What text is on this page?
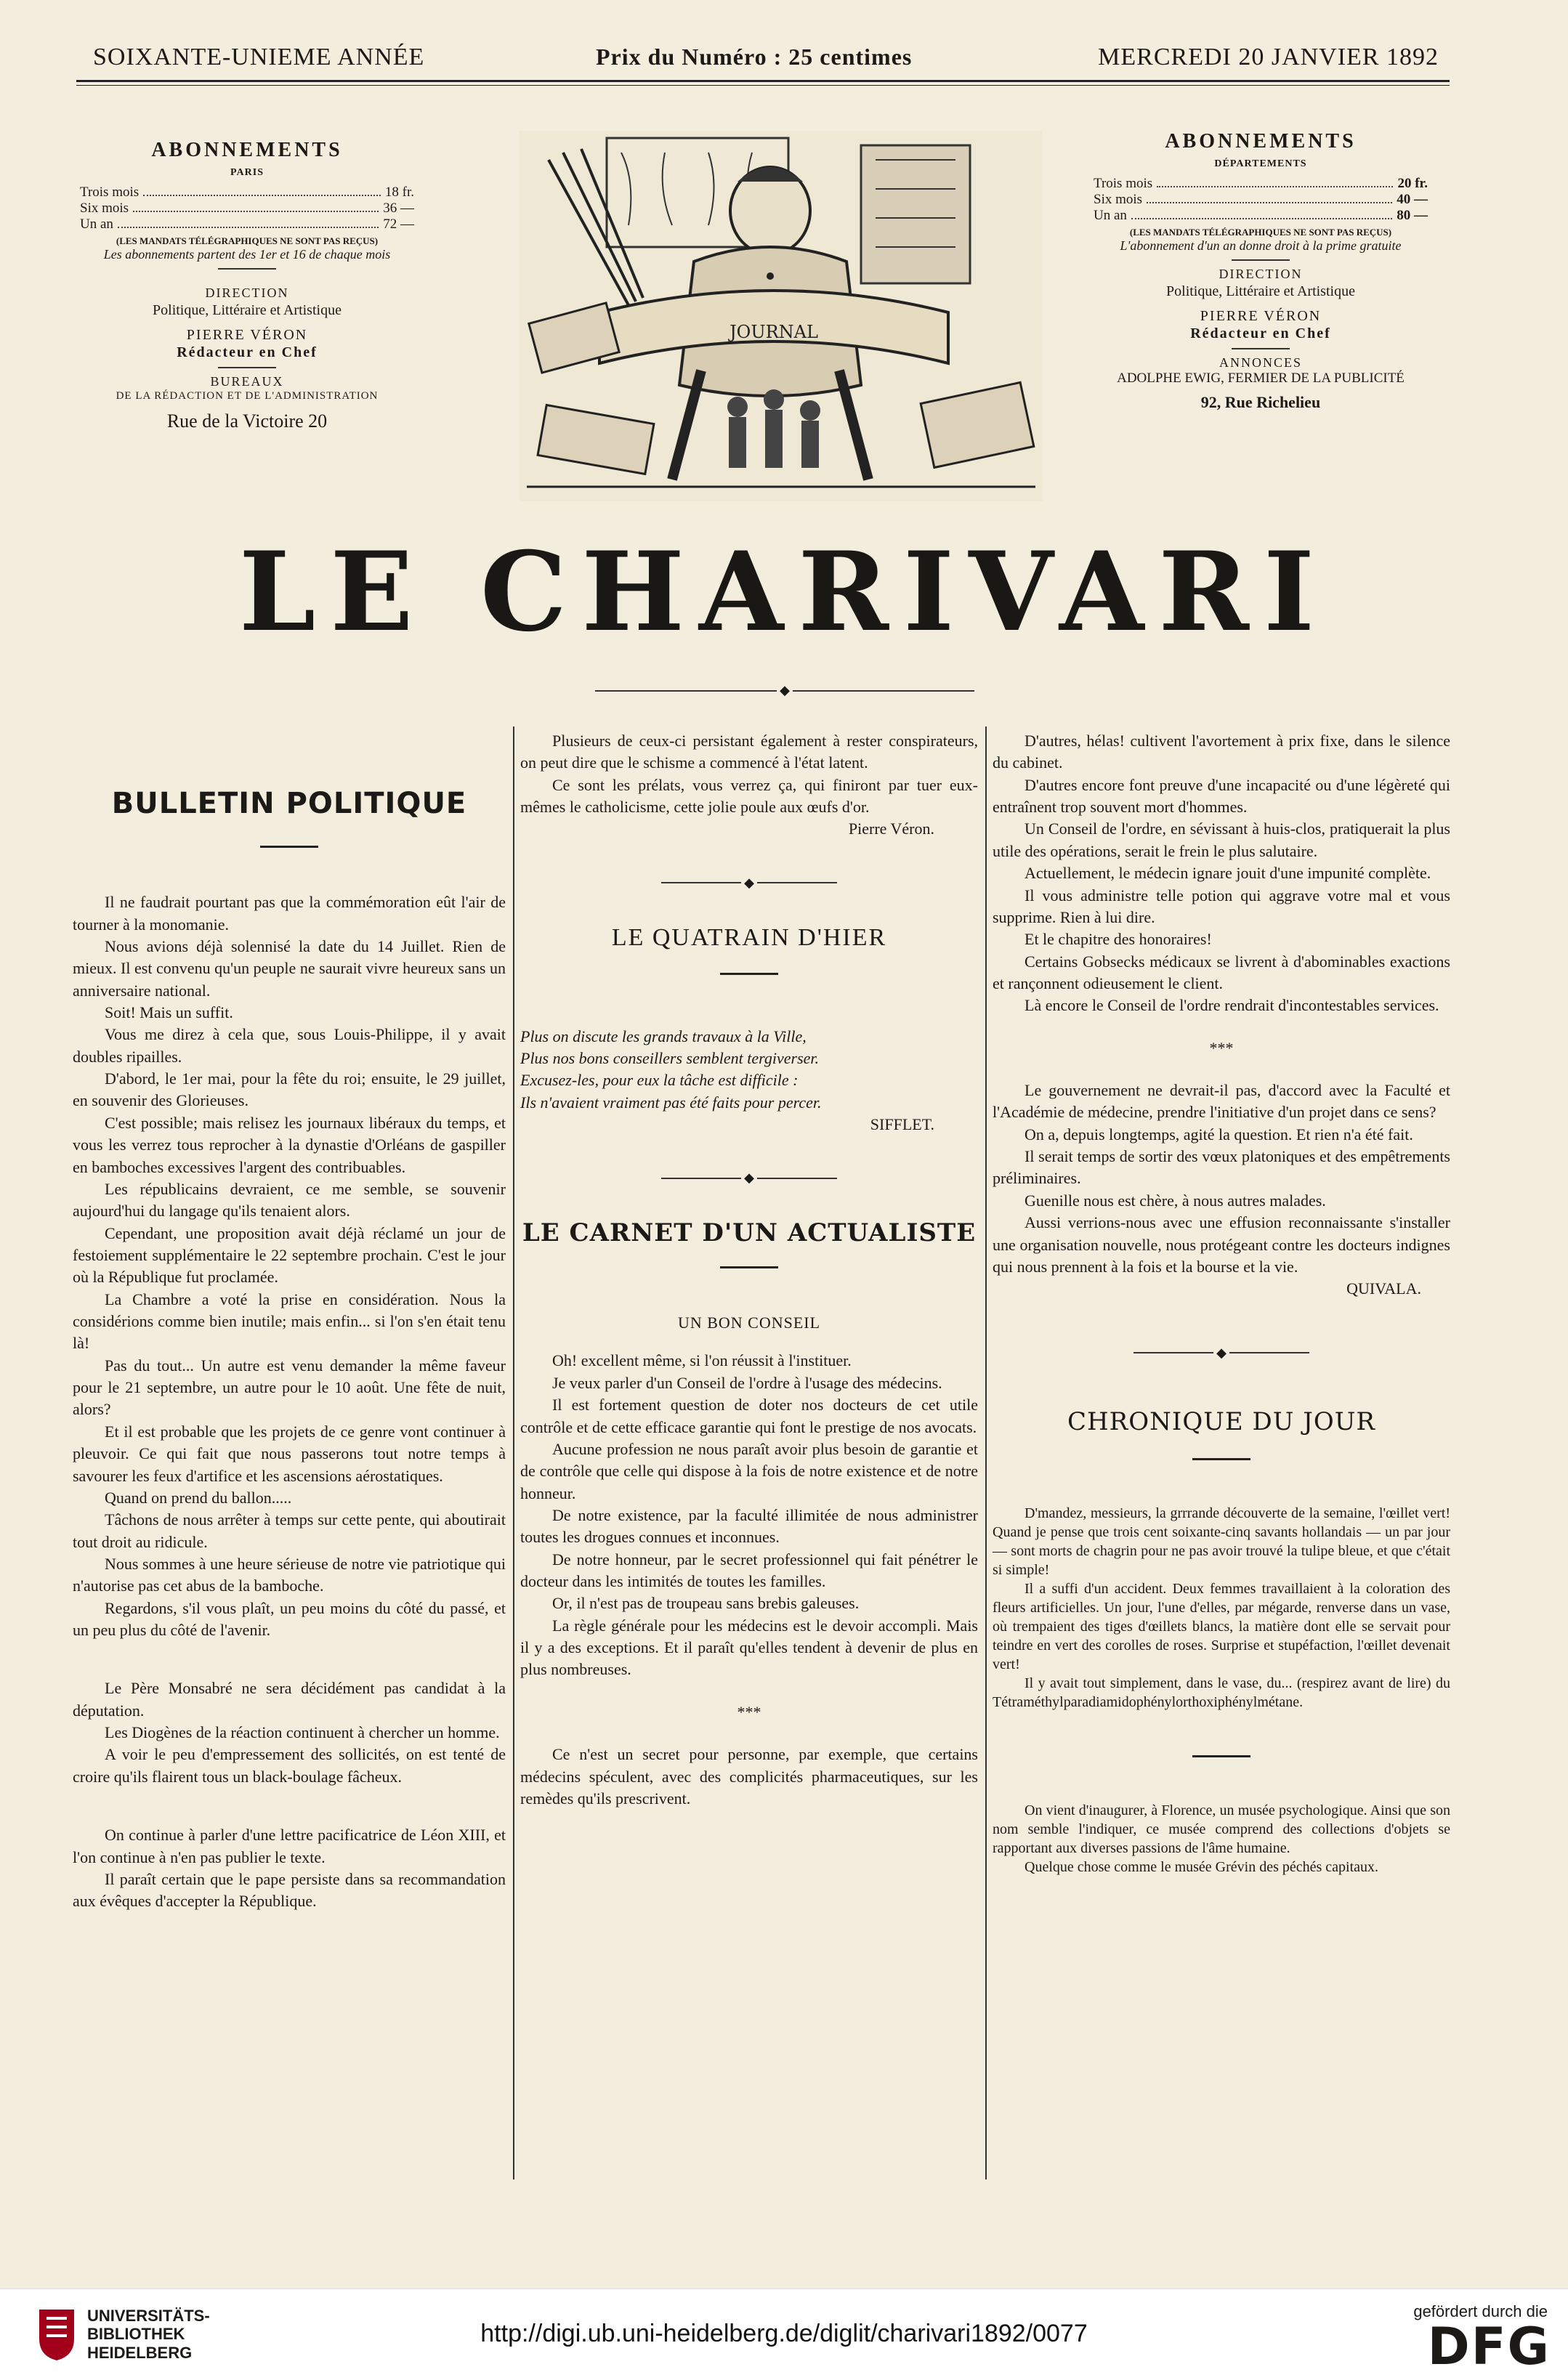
SOIXANTE-UNIEME ANNÉE	Prix du Numéro : 25 centimes	MERCREDI 20 JANVIER 1892
ABONNEMENTS
PARIS
Trois mois	18 fr.
Six mois	36 —
Un an	72 —
(LES MANDATS TÉLÉGRAPHIQUES NE SONT PAS REÇUS)
Les abonnements partent des 1er et 16 de chaque mois
DIRECTION
Politique, Littéraire et Artistique
PIERRE VÉRON
Rédacteur en Chef
BUREAUX
DE LA RÉDACTION ET DE L'ADMINISTRATION
Rue de la Victoire 20
JOURNAL
ABONNEMENTS
DÉPARTEMENTS
Trois mois	20 fr.
Six mois	40 —
Un an	80 —
(LES MANDATS TÉLÉGRAPHIQUES NE SONT PAS REÇUS)
L'abonnement d'un an donne droit à la prime gratuite
DIRECTION
Politique, Littéraire et Artistique
PIERRE VÉRON
Rédacteur en Chef
ANNONCES
ADOLPHE EWIG, FERMIER DE LA PUBLICITÉ
92, Rue Richelieu
LE CHARIVARI
◆
BULLETIN POLITIQUE

Il ne faudrait pourtant pas que la commémoration eût l'air de tourner à la monomanie.

Nous avions déjà solennisé la date du 14 Juillet. Rien de mieux. Il est convenu qu'un peuple ne saurait vivre heureux sans un anniversaire national.

Soit! Mais un suffit.

Vous me direz à cela que, sous Louis-Philippe, il y avait doubles ripailles.

D'abord, le 1er mai, pour la fête du roi; ensuite, le 29 juillet, en souvenir des Glorieuses.

C'est possible; mais relisez les journaux libéraux du temps, et vous les verrez tous reprocher à la dynastie d'Orléans de gaspiller en bamboches excessives l'argent des contribuables.

Les républicains devraient, ce me semble, se souvenir aujourd'hui du langage qu'ils tenaient alors.

Cependant, une proposition avait déjà réclamé un jour de festoiement supplémentaire le 22 septembre prochain. C'est le jour où la République fut proclamée.

La Chambre a voté la prise en considération. Nous la considérions comme bien inutile; mais enfin... si l'on s'en était tenu là!

Pas du tout... Un autre est venu demander la même faveur pour le 21 septembre, un autre pour le 10 août. Une fête de nuit, alors?

Et il est probable que les projets de ce genre vont continuer à pleuvoir. Ce qui fait que nous passerons tout notre temps à savourer les feux d'artifice et les ascensions aérostatiques.

Quand on prend du ballon.....

Tâchons de nous arrêter à temps sur cette pente, qui aboutirait tout droit au ridicule.

Nous sommes à une heure sérieuse de notre vie patriotique qui n'autorise pas cet abus de la bamboche.

Regardons, s'il vous plaît, un peu moins du côté du passé, et un peu plus du côté de l'avenir.

Le Père Monsabré ne sera décidément pas candidat à la députation.

Les Diogènes de la réaction continuent à chercher un homme.

A voir le peu d'empressement des sollicités, on est tenté de croire qu'ils flairent tous un black-boulage fâcheux.

On continue à parler d'une lettre pacificatrice de Léon XIII, et l'on continue à n'en pas publier le texte.

Il paraît certain que le pape persiste dans sa recommandation aux évêques d'accepter la République.

Plusieurs de ceux-ci persistant également à rester conspirateurs, on peut dire que le schisme a commencé à l'état latent.

Ce sont les prélats, vous verrez ça, qui finiront par tuer eux-mêmes le catholicisme, cette jolie poule aux œufs d'or.

Pierre Véron.

◆
LE QUATRAIN D'HIER

Plus on discute les grands travaux à la Ville,

Plus nos bons conseillers semblent tergiverser.

Excusez-les, pour eux la tâche est difficile :

Ils n'avaient vraiment pas été faits pour percer.

SIFFLET.

◆
LE CARNET D'UN ACTUALISTE

UN BON CONSEIL

Oh! excellent même, si l'on réussit à l'instituer.

Je veux parler d'un Conseil de l'ordre à l'usage des médecins.

Il est fortement question de doter nos docteurs de cet utile contrôle et de cette efficace garantie qui font le prestige de nos avocats.

Aucune profession ne nous paraît avoir plus besoin de garantie et de contrôle que celle qui dispose à la fois de notre existence et de notre honneur.

De notre existence, par la faculté illimitée de nous administrer toutes les drogues connues et inconnues.

De notre honneur, par le secret professionnel qui fait pénétrer le docteur dans les intimités de toutes les familles.

Or, il n'est pas de troupeau sans brebis galeuses.

La règle générale pour les médecins est le devoir accompli. Mais il y a des exceptions. Et il paraît qu'elles tendent à devenir de plus en plus nombreuses.

***

Ce n'est un secret pour personne, par exemple, que certains médecins spéculent, avec des complicités pharmaceutiques, sur les remèdes qu'ils prescrivent.

D'autres, hélas! cultivent l'avortement à prix fixe, dans le silence du cabinet.

D'autres encore font preuve d'une incapacité ou d'une légèreté qui entraînent trop souvent mort d'hommes.

Un Conseil de l'ordre, en sévissant à huis-clos, pratiquerait la plus utile des opérations, serait le frein le plus salutaire.

Actuellement, le médecin ignare jouit d'une impunité complète.

Il vous administre telle potion qui aggrave votre mal et vous supprime. Rien à lui dire.

Et le chapitre des honoraires!

Certains Gobsecks médicaux se livrent à d'abominables exactions et rançonnent odieusement le client.

Là encore le Conseil de l'ordre rendrait d'incontestables services.

***

Le gouvernement ne devrait-il pas, d'accord avec la Faculté et l'Académie de médecine, prendre l'initiative d'un projet dans ce sens?

On a, depuis longtemps, agité la question. Et rien n'a été fait.

Il serait temps de sortir des vœux platoniques et des empêtrements préliminaires.

Guenille nous est chère, à nous autres malades.

Aussi verrions-nous avec une effusion reconnaissante s'installer une organisation nouvelle, nous protégeant contre les docteurs indignes qui nous prennent à la fois et la bourse et la vie.

QUIVALA.

◆
CHRONIQUE DU JOUR

D'mandez, messieurs, la grrrande découverte de la semaine, l'œillet vert! Quand je pense que trois cent soixante-cinq savants hollandais — un par jour — sont morts de chagrin pour ne pas avoir trouvé la tulipe bleue, et que c'était si simple!

Il a suffi d'un accident. Deux femmes travaillaient à la coloration des fleurs artificielles. Un jour, l'une d'elles, par mégarde, renverse dans un vase, où trempaient des tiges d'œillets blancs, la matière dont elle se servait pour teindre en vert des corolles de roses. Surprise et stupéfaction, l'œillet devenait vert!

Il y avait tout simplement, dans le vase, du... (respirez avant de lire) du Tétraméthylparadiamidophénylorthoxiphénylmétane.

On vient d'inaugurer, à Florence, un musée psychologique. Ainsi que son nom semble l'indiquer, ce musée comprend des collections d'objets se rapportant aux diverses passions de l'âme humaine.

Quelque chose comme le musée Grévin des péchés capitaux.

UNIVERSITÄTS-
BIBLIOTHEK
HEIDELBERG
http://digi.ub.uni-heidelberg.de/diglit/charivari1892/0077
gefördert durch die
DFG
